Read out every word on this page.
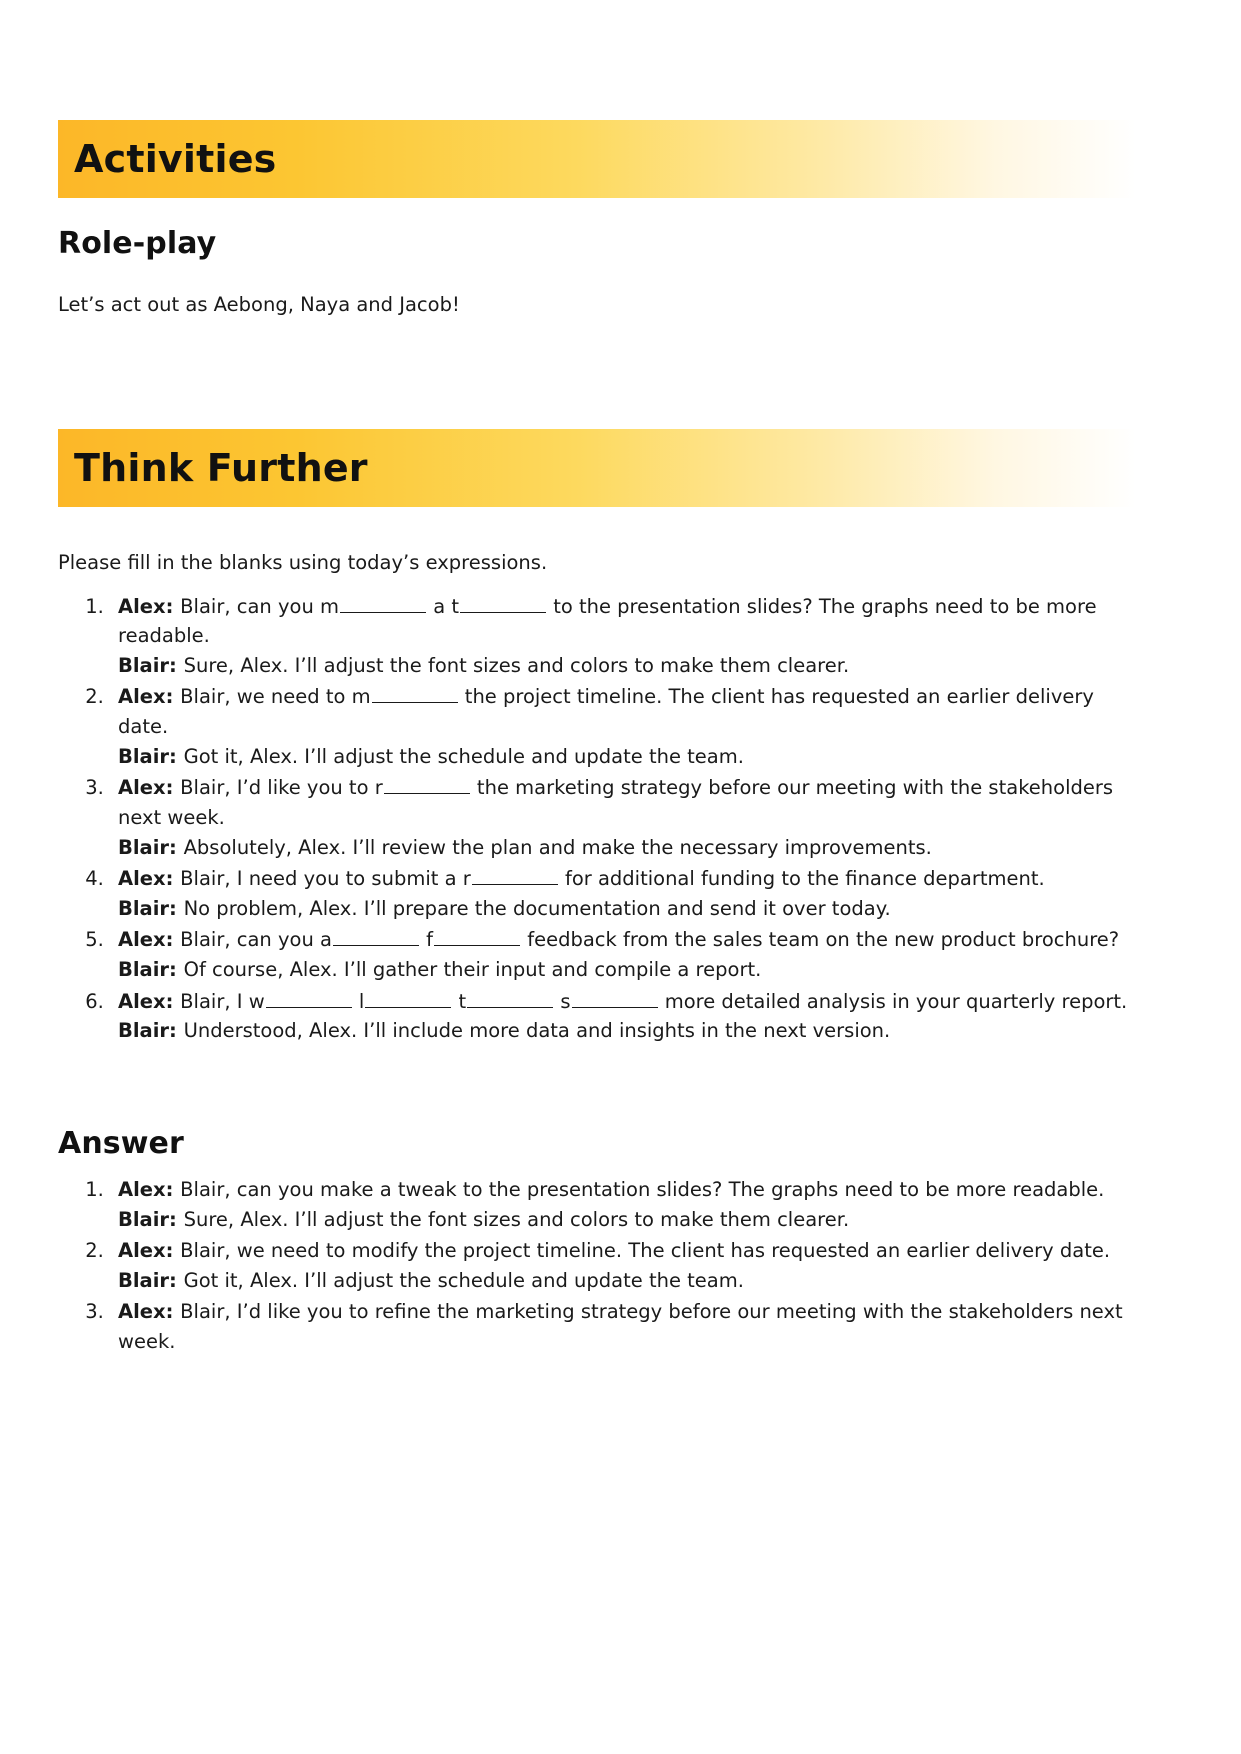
Activities
Role-play

Let’s act out as Aebong, Naya and Jacob!

Think Further

Please fill in the blanks using today’s expressions.

1. Alex: Blair, can you m	a t	to the presentation slides? The graphs need to be more readable.
Blair: Sure, Alex. I’ll adjust the font sizes and colors to make them clearer.
2. Alex: Blair, we need to m	the project timeline. The client has requested an earlier delivery date.
Blair: Got it, Alex. I’ll adjust the schedule and update the team.
3. Alex: Blair, I’d like you to r	the marketing strategy before our meeting with the stakeholders next week.
Blair: Absolutely, Alex. I’ll review the plan and make the necessary improvements.
4. Alex: Blair, I need you to submit a r	for additional funding to the finance department.
Blair: No problem, Alex. I’ll prepare the documentation and send it over today.
5. Alex: Blair, can you a	f	feedback from the sales team on the new product brochure?
Blair: Of course, Alex. I’ll gather their input and compile a report.
6. Alex: Blair, I w	l	t	s	more detailed analysis in your quarterly report.
Blair: Understood, Alex. I’ll include more data and insights in the next version.
Answer
1. Alex: Blair, can you make a tweak to the presentation slides? The graphs need to be more readable.
Blair: Sure, Alex. I’ll adjust the font sizes and colors to make them clearer.
2. Alex: Blair, we need to modify the project timeline. The client has requested an earlier delivery date.
Blair: Got it, Alex. I’ll adjust the schedule and update the team.
3. Alex: Blair, I’d like you to refine the marketing strategy before our meeting with the stakeholders next week.
